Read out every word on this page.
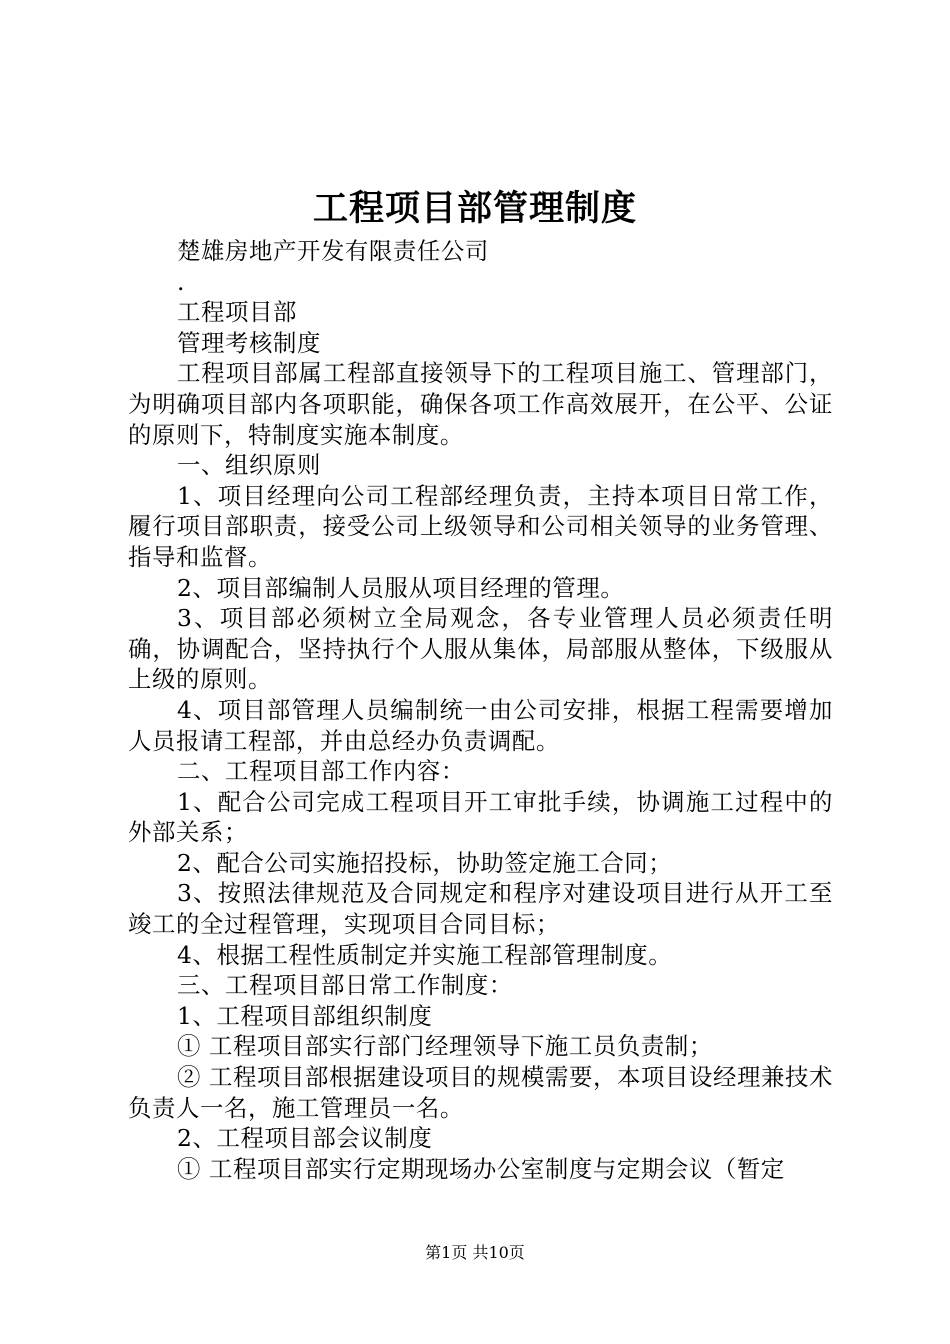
工程项目部管理制度

楚雄房地产开发有限责任公司

.

工程项目部

管理考核制度

工程项目部属工程部直接领导下的工程项目施工、管理部门，为明确项目部内各项职能，确保各项工作高效展开，在公平、公证的原则下，特制度实施本制度。

一、组织原则

1、项目经理向公司工程部经理负责，主持本项目日常工作，履行项目部职责，接受公司上级领导和公司相关领导的业务管理、指导和监督。

2、项目部编制人员服从项目经理的管理。

3、项目部必须树立全局观念，各专业管理人员必须责任明确，协调配合，坚持执行个人服从集体，局部服从整体，下级服从上级的原则。

4、项目部管理人员编制统一由公司安排，根据工程需要增加人员报请工程部，并由总经办负责调配。

二、工程项目部工作内容：

1、配合公司完成工程项目开工审批手续，协调施工过程中的外部关系；

2、配合公司实施招投标，协助签定施工合同；

3、按照法律规范及合同规定和程序对建设项目进行从开工至竣工的全过程管理，实现项目合同目标；

4、根据工程性质制定并实施工程部管理制度。

三、工程项目部日常工作制度：

1、工程项目部组织制度

① 工程项目部实行部门经理领导下施工员负责制；

② 工程项目部根据建设项目的规模需要，本项目设经理兼技术负责人一名，施工管理员一名。

2、工程项目部会议制度

① 工程项目部实行定期现场办公室制度与定期会议（暂定

第1页 共10页
